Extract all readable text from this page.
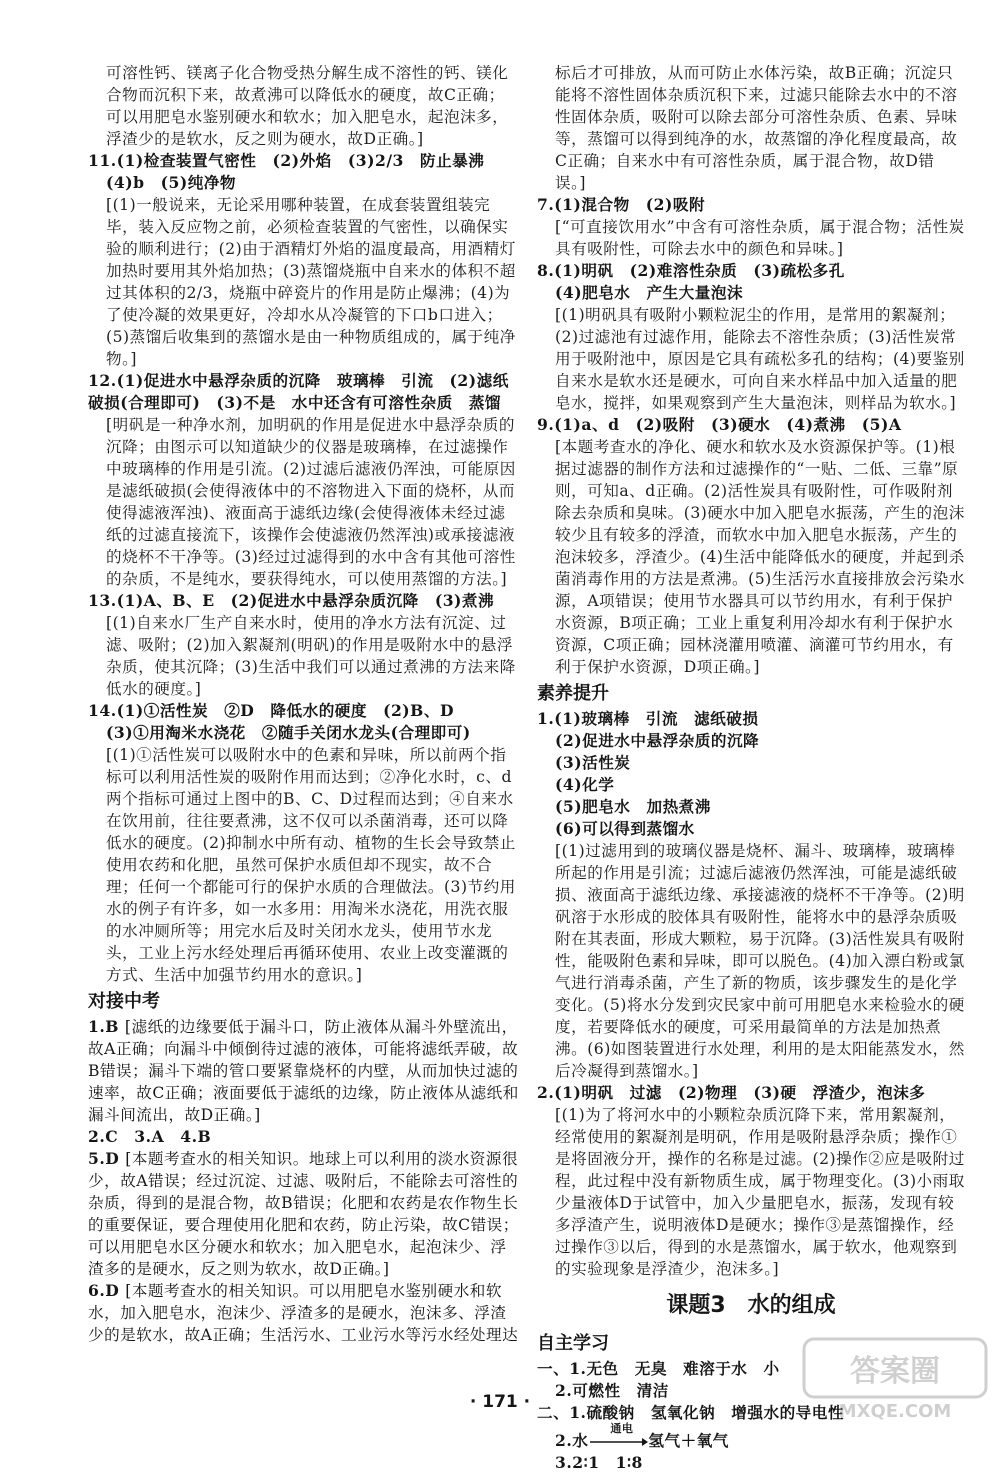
可溶性钙、镁离子化合物受热分解生成不溶性的钙、镁化合物而沉积下来，故煮沸可以降低水的硬度，故C正确；可以用肥皂水鉴别硬水和软水；加入肥皂水，起泡沫多，浮渣少的是软水，反之则为硬水，故D正确。]
11.(1)检查装置气密性　(2)外焰　(3)2/3　防止暴沸
(4)b　(5)纯净物
[(1)一般说来，无论采用哪种装置，在成套装置组装完毕，装入反应物之前，必须检查装置的气密性，以确保实验的顺利进行；(2)由于酒精灯外焰的温度最高，用酒精灯加热时要用其外焰加热；(3)蒸馏烧瓶中自来水的体积不超过其体积的2/3，烧瓶中碎瓷片的作用是防止爆沸；(4)为了使冷凝的效果更好，冷却水从冷凝管的下口b口进入；(5)蒸馏后收集到的蒸馏水是由一种物质组成的，属于纯净物。]
12.(1)促进水中悬浮杂质的沉降　玻璃棒　引流　(2)滤纸破损(合理即可)　(3)不是　水中还含有可溶性杂质　蒸馏
[明矾是一种净水剂，加明矾的作用是促进水中悬浮杂质的沉降；由图示可以知道缺少的仪器是玻璃棒，在过滤操作中玻璃棒的作用是引流。(2)过滤后滤液仍浑浊，可能原因是滤纸破损(会使得液体中的不溶物进入下面的烧杯，从而使得滤液浑浊)、液面高于滤纸边缘(会使得液体未经过滤纸的过滤直接流下，该操作会使滤液仍然浑浊)或承接滤液的烧杯不干净等。(3)经过过滤得到的水中含有其他可溶性的杂质，不是纯水，要获得纯水，可以使用蒸馏的方法。]
13.(1)A、B、E　(2)促进水中悬浮杂质沉降　(3)煮沸
[(1)自来水厂生产自来水时，使用的净水方法有沉淀、过滤、吸附；(2)加入絮凝剂(明矾)的作用是吸附水中的悬浮杂质，使其沉降；(3)生活中我们可以通过煮沸的方法来降低水的硬度。]
14.(1)①活性炭　②D　降低水的硬度　(2)B、D
(3)①用淘米水浇花　②随手关闭水龙头(合理即可)
[(1)①活性炭可以吸附水中的色素和异味，所以前两个指标可以利用活性炭的吸附作用而达到；②净化水时，c、d两个指标可通过上图中的B、C、D过程而达到；④自来水在饮用前，往往要煮沸，这不仅可以杀菌消毒，还可以降低水的硬度。(2)抑制水中所有动、植物的生长会导致禁止使用农药和化肥，虽然可保护水质但却不现实，故不合理；任何一个都能可行的保护水质的合理做法。(3)节约用水的例子有许多，如一水多用：用淘米水浇花，用洗衣服的水冲厕所等；用完水后及时关闭水龙头，使用节水龙头，工业上污水经处理后再循环使用、农业上改变灌溉的方式、生活中加强节约用水的意识。]
对接中考
1.B [滤纸的边缘要低于漏斗口，防止液体从漏斗外壁流出，故A正确；向漏斗中倾倒待过滤的液体，可能将滤纸弄破，故B错误；漏斗下端的管口要紧靠烧杯的内壁，从而加快过滤的速率，故C正确；液面要低于滤纸的边缘，防止液体从滤纸和漏斗间流出，故D正确。]
2.C　3.A　4.B
5.D [本题考查水的相关知识。地球上可以利用的淡水资源很少，故A错误；经过沉淀、过滤、吸附后，不能除去可溶性的杂质，得到的是混合物，故B错误；化肥和农药是农作物生长的重要保证，要合理使用化肥和农药，防止污染，故C错误；可以用肥皂水区分硬水和软水；加入肥皂水，起泡沫少、浮渣多的是硬水，反之则为软水，故D正确。]
6.D [本题考查水的相关知识。可以用肥皂水鉴别硬水和软水，加入肥皂水，泡沫少、浮渣多的是硬水，泡沫多、浮渣少的是软水，故A正确；生活污水、工业污水等污水经处理达
标后才可排放，从而可防止水体污染，故B正确；沉淀只能将不溶性固体杂质沉积下来，过滤只能除去水中的不溶性固体杂质，吸附可以除去部分可溶性杂质、色素、异味等，蒸馏可以得到纯净的水，故蒸馏的净化程度最高，故C正确；自来水中有可溶性杂质，属于混合物，故D错误。]
7.(1)混合物　(2)吸附
[“可直接饮用水”中含有可溶性杂质，属于混合物；活性炭具有吸附性，可除去水中的颜色和异味。]
8.(1)明矾　(2)难溶性杂质　(3)疏松多孔
(4)肥皂水　产生大量泡沫
[(1)明矾具有吸附小颗粒泥尘的作用，是常用的絮凝剂；(2)过滤池有过滤作用，能除去不溶性杂质；(3)活性炭常用于吸附池中，原因是它具有疏松多孔的结构；(4)要鉴别自来水是软水还是硬水，可向自来水样品中加入适量的肥皂水，搅拌，如果观察到产生大量泡沫，则样品为软水。]
9.(1)a、d　(2)吸附　(3)硬水　(4)煮沸　(5)A
[本题考查水的净化、硬水和软水及水资源保护等。(1)根据过滤器的制作方法和过滤操作的“一贴、二低、三靠”原则，可知a、d正确。(2)活性炭具有吸附性，可作吸附剂除去杂质和臭味。(3)硬水中加入肥皂水振荡，产生的泡沫较少且有较多的浮渣，而软水中加入肥皂水振荡，产生的泡沫较多，浮渣少。(4)生活中能降低水的硬度，并起到杀菌消毒作用的方法是煮沸。(5)生活污水直接排放会污染水源，A项错误；使用节水器具可以节约用水，有利于保护水资源，B项正确；工业上重复利用冷却水有利于保护水资源，C项正确；园林浇灌用喷灌、滴灌可节约用水，有利于保护水资源，D项正确。]
素养提升
1.(1)玻璃棒　引流　滤纸破损
(2)促进水中悬浮杂质的沉降
(3)活性炭
(4)化学
(5)肥皂水　加热煮沸
(6)可以得到蒸馏水
[(1)过滤用到的玻璃仪器是烧杯、漏斗、玻璃棒，玻璃棒所起的作用是引流；过滤后滤液仍然浑浊，可能是滤纸破损、液面高于滤纸边缘、承接滤液的烧杯不干净等。(2)明矾溶于水形成的胶体具有吸附性，能将水中的悬浮杂质吸附在其表面，形成大颗粒，易于沉降。(3)活性炭具有吸附性，能吸附色素和异味，即可以脱色。(4)加入漂白粉或氯气进行消毒杀菌，产生了新的物质，该步骤发生的是化学变化。(5)将水分发到灾民家中前可用肥皂水来检验水的硬度，若要降低水的硬度，可采用最简单的方法是加热煮沸。(6)如图装置进行水处理，利用的是太阳能蒸发水，然后冷凝得到蒸馏水。]
2.(1)明矾　过滤　(2)物理　(3)硬　浮渣少，泡沫多
[(1)为了将河水中的小颗粒杂质沉降下来，常用絮凝剂，经常使用的絮凝剂是明矾，作用是吸附悬浮杂质；操作①是将固液分开，操作的名称是过滤。(2)操作②应是吸附过程，此过程中没有新物质生成，属于物理变化。(3)小雨取少量液体D于试管中，加入少量肥皂水，振荡，发现有较多浮渣产生，说明液体D是硬水；操作③是蒸馏操作，经过操作③以后，得到的水是蒸馏水，属于软水，他观察到的实验现象是浮渣少，泡沫多。]
课题3　水的组成
自主学习
一、1.无色　无臭　难溶于水　小
2.可燃性　清洁
二、1.硫酸钠　氢氧化钠　增强水的导电性
2.水
通电
氢气＋氧气
3.2∶1　1∶8
· 171 ·
答案圈
MXQE.COM
